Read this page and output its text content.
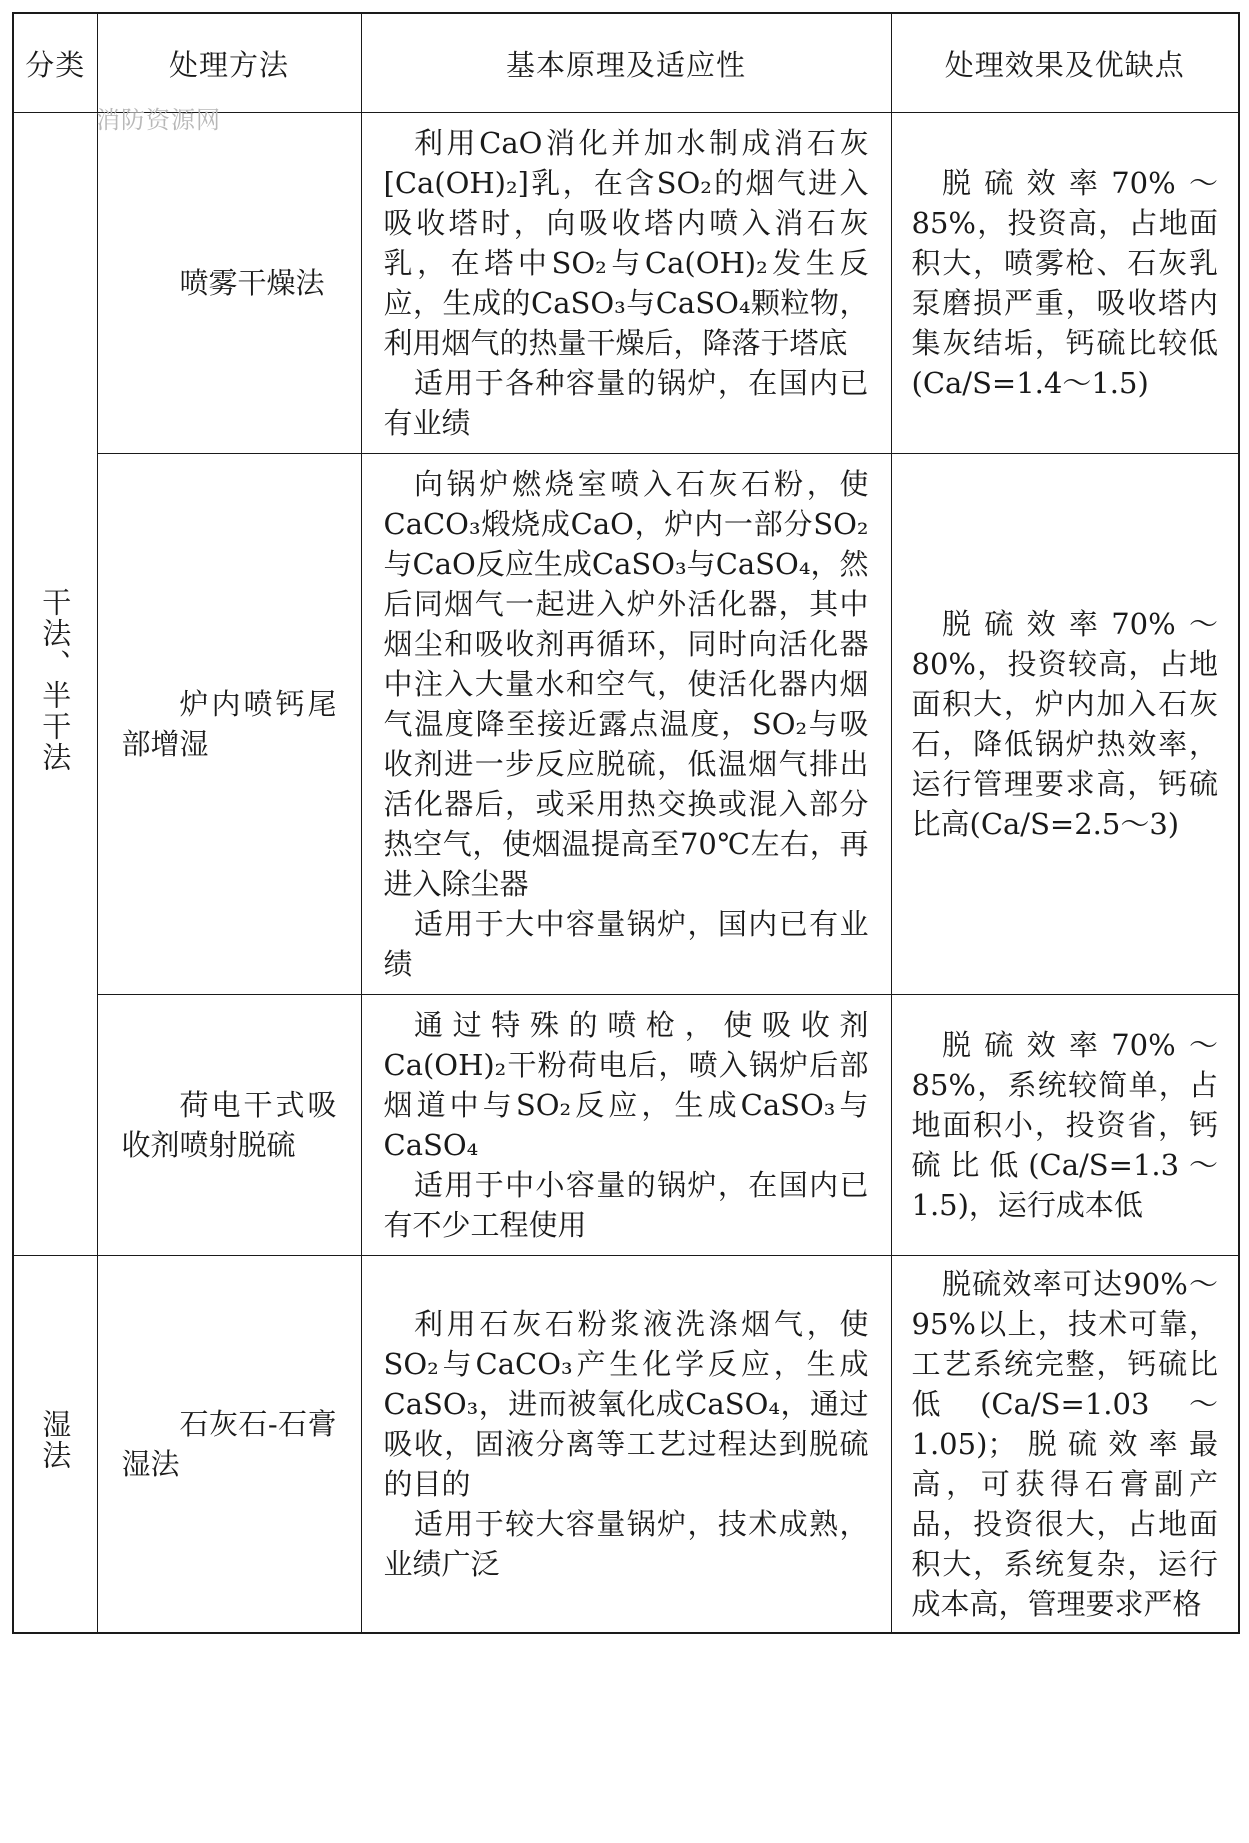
分类	处理方法	基本原理及适应性	处理效果及优缺点
干法、半干法	喷雾干燥法	利用CaO消化并加水制成消石灰[Ca(OH)₂]乳，在含SO₂的烟气进入吸收塔时，向吸收塔内喷入消石灰乳，在塔中SO₂与Ca(OH)₂发生反应，生成的CaSO₃与CaSO₄颗粒物，利用烟气的热量干燥后，降落于塔底

适用于各种容量的锅炉，在国内已有业绩	脱硫效率70%～85%，投资高，占地面积大，喷雾枪、石灰乳泵磨损严重，吸收塔内集灰结垢，钙硫比较低(Ca/S=1.4～1.5)

	炉内喷钙尾部增湿	向锅炉燃烧室喷入石灰石粉，使CaCO₃煅烧成CaO，炉内一部分SO₂与CaO反应生成CaSO₃与CaSO₄，然后同烟气一起进入炉外活化器，其中烟尘和吸收剂再循环，同时向活化器中注入大量水和空气，使活化器内烟气温度降至接近露点温度，SO₂与吸收剂进一步反应脱硫，低温烟气排出活化器后，或采用热交换或混入部分热空气，使烟温提高至70℃左右，再进入除尘器

适用于大中容量锅炉，国内已有业绩	脱硫效率70%～80%，投资较高，占地面积大，炉内加入石灰石，降低锅炉热效率，运行管理要求高，钙硫比高(Ca/S=2.5～3)

	荷电干式吸收剂喷射脱硫	通过特殊的喷枪，使吸收剂Ca(OH)₂干粉荷电后，喷入锅炉后部烟道中与SO₂反应，生成CaSO₃与CaSO₄

适用于中小容量的锅炉，在国内已有不少工程使用	脱硫效率70%～85%，系统较简单，占地面积小，投资省，钙硫比低(Ca/S=1.3～1.5)，运行成本低

湿法	石灰石-石膏湿法	利用石灰石粉浆液洗涤烟气，使SO₂与CaCO₃产生化学反应，生成CaSO₃，进而被氧化成CaSO₄，通过吸收，固液分离等工艺过程达到脱硫的目的

适用于较大容量锅炉，技术成熟，业绩广泛	脱硫效率可达90%～95%以上，技术可靠，工艺系统完整，钙硫比低(Ca/S=1.03～1.05)；脱硫效率最高，可获得石膏副产品，投资很大，占地面积大，系统复杂，运行成本高，管理要求严格

消防资源网
